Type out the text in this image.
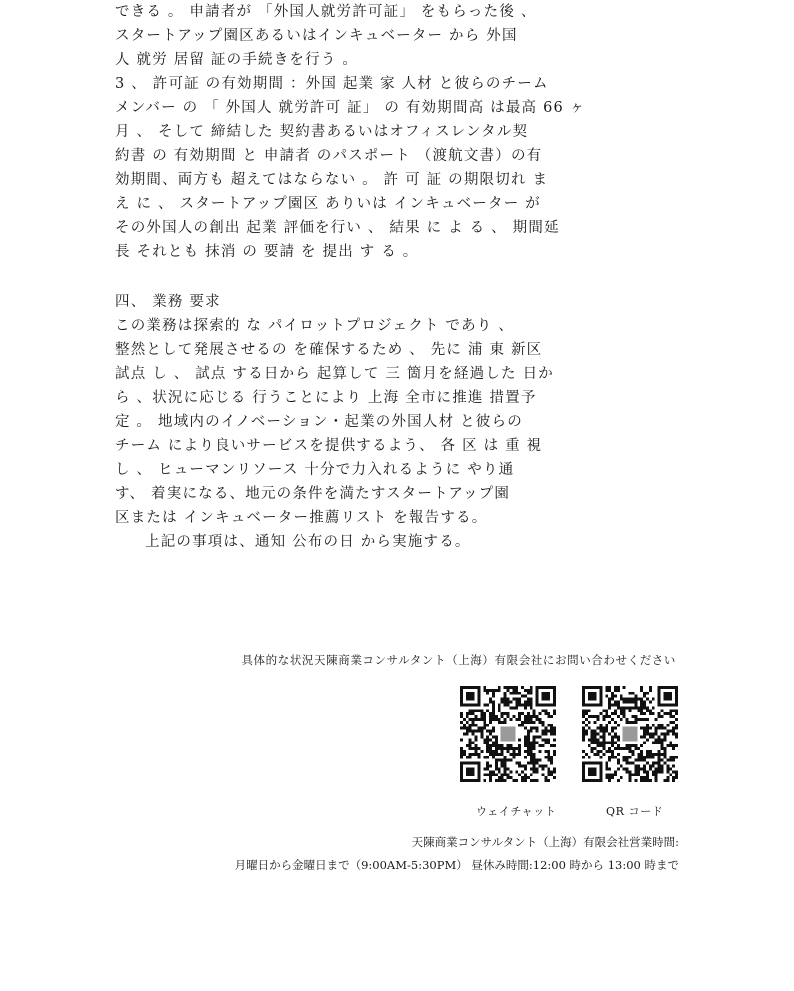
できる 。 申請者が 「外国人就労許可証」 をもらった後 、
スタートアップ園区あるいはインキュベーター から 外国
人 就労 居留 証の手続きを行う 。
3 、 許可証 の有効期間 ：外国 起業 家 人材 と彼らのチーム
メンバー の 「 外国人 就労許可 証」 の 有効期間高 は最高 66 ヶ
月 、 そして 締結した 契約書あるいはオフィスレンタル契
約書 の 有効期間 と 申請者 のパスポート （渡航文書）の有
効期間、両方も 超えてはならない 。 許 可 証 の期限切れ ま
え に 、 スタートアップ園区 ありいは インキュベーター が
その外国人の創出 起業 評価を行い 、 結果 に よ る 、 期間延
長 それとも 抹消 の 要請 を 提出 す る 。
四、 業務 要求
この業務は探索的 な パイロットプロジェクト であり 、
整然として発展させるの を確保するため 、 先に 浦 東 新区
試点 し 、 試点 する日から 起算して 三 箇月を経過した 日か
ら 、状況に応じる 行うことにより 上海 全市に推進 措置予
定 。 地域内のイノベーション・起業の外国人材 と彼らの
チーム により良いサービスを提供するよう、 各 区 は 重 視
し 、 ヒューマンリソース 十分で力入れるように やり通
す、 着実になる、地元の条件を満たすスタートアップ園
区または インキュベーター推薦リスト を報告する。
上記の事項は、通知 公布の日 から実施する。
具体的な状況天陳商業コンサルタント（上海）有限会社にお問い合わせください
ウェイチャット	QR コード
天陳商業コンサルタント（上海）有限会社営業時間:
月曜日から金曜日まで（9:00AM-5:30PM） 昼休み時間:12:00 時から 13:00 時まで
